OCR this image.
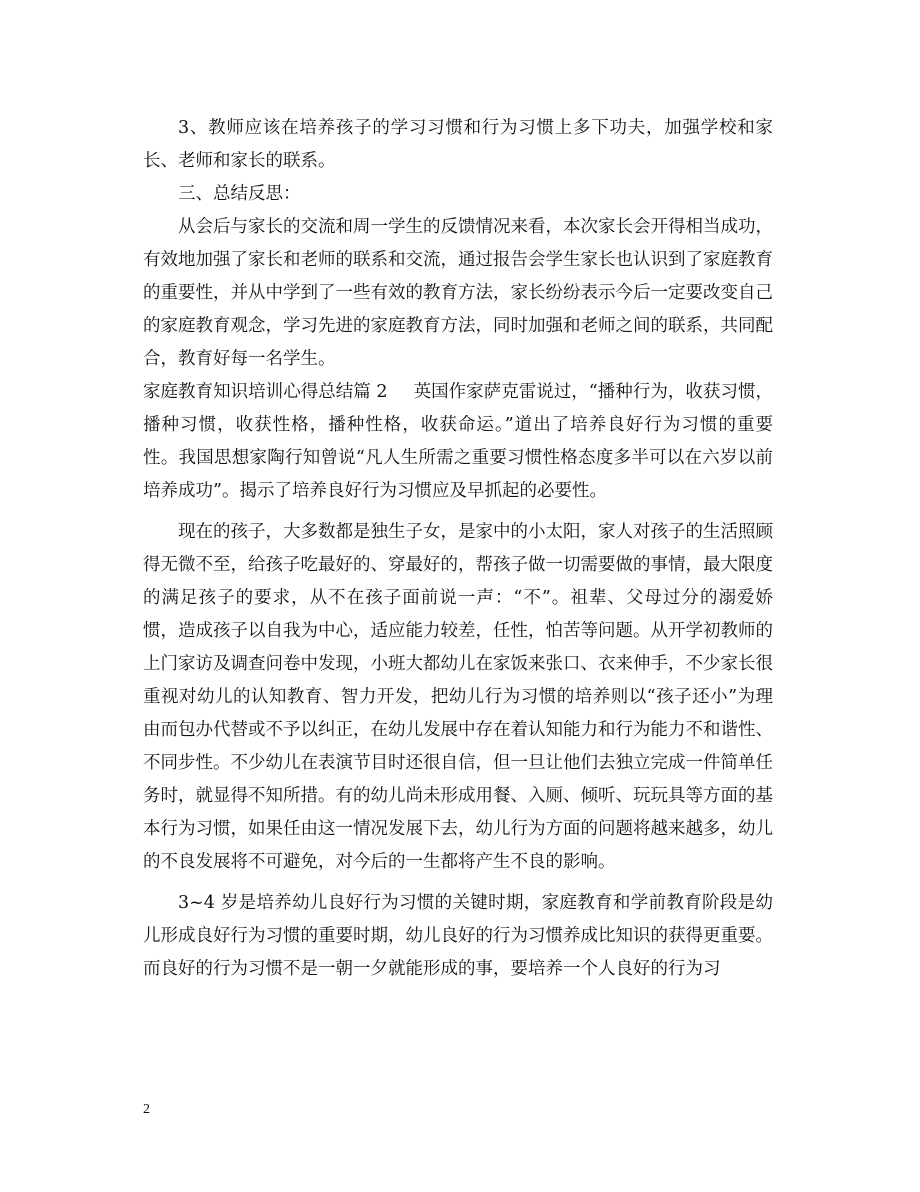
3、教师应该在培养孩子的学习习惯和行为习惯上多下功夫，加强学校和家长、老师和家长的联系。

三、总结反思：

从会后与家长的交流和周一学生的反馈情况来看，本次家长会开得相当成功，有效地加强了家长和老师的联系和交流，通过报告会学生家长也认识到了家庭教育的重要性，并从中学到了一些有效的教育方法，家长纷纷表示今后一定要改变自己的家庭教育观念，学习先进的家庭教育方法，同时加强和老师之间的联系，共同配合，教育好每一名学生。

家庭教育知识培训心得总结篇 2 英国作家萨克雷说过，“播种行为，收获习惯，播种习惯，收获性格，播种性格，收获命运。”道出了培养良好行为习惯的重要性。我国思想家陶行知曾说“凡人生所需之重要习惯性格态度多半可以在六岁以前培养成功”。揭示了培养良好行为习惯应及早抓起的必要性。

现在的孩子，大多数都是独生子女，是家中的小太阳，家人对孩子的生活照顾得无微不至，给孩子吃最好的、穿最好的，帮孩子做一切需要做的事情，最大限度的满足孩子的要求，从不在孩子面前说一声：“不”。祖辈、父母过分的溺爱娇惯，造成孩子以自我为中心，适应能力较差，任性，怕苦等问题。从开学初教师的上门家访及调查问卷中发现，小班大都幼儿在家饭来张口、衣来伸手，不少家长很重视对幼儿的认知教育、智力开发，把幼儿行为习惯的培养则以“孩子还小”为理由而包办代替或不予以纠正，在幼儿发展中存在着认知能力和行为能力不和谐性、不同步性。不少幼儿在表演节目时还很自信，但一旦让他们去独立完成一件简单任务时，就显得不知所措。有的幼儿尚未形成用餐、入厕、倾听、玩玩具等方面的基本行为习惯，如果任由这一情况发展下去，幼儿行为方面的问题将越来越多，幼儿的不良发展将不可避免，对今后的一生都将产生不良的影响。

3~4 岁是培养幼儿良好行为习惯的关键时期，家庭教育和学前教育阶段是幼儿形成良好行为习惯的重要时期，幼儿良好的行为习惯养成比知识的获得更重要。而良好的行为习惯不是一朝一夕就能形成的事，要培养一个人良好的行为习

2
